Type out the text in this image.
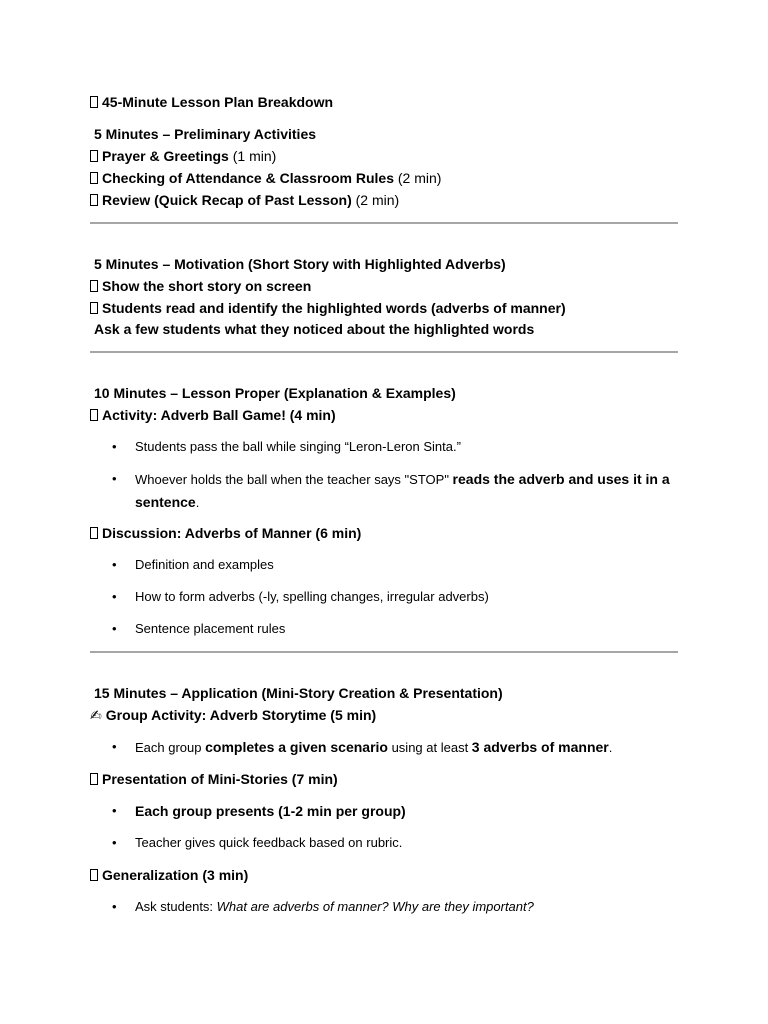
45-Minute Lesson Plan Breakdown
5 Minutes – Preliminary Activities
Prayer & Greetings (1 min)
Checking of Attendance & Classroom Rules (2 min)
Review (Quick Recap of Past Lesson) (2 min)
5 Minutes – Motivation (Short Story with Highlighted Adverbs)
Show the short story on screen
Students read and identify the highlighted words (adverbs of manner)
Ask a few students what they noticed about the highlighted words
10 Minutes – Lesson Proper (Explanation & Examples)
Activity: Adverb Ball Game! (4 min)
• Students pass the ball while singing “Leron-Leron Sinta.”
• Whoever holds the ball when the teacher says "STOP" reads the adverb and uses it in a sentence.
Discussion: Adverbs of Manner (6 min)
• Definition and examples
• How to form adverbs (-ly, spelling changes, irregular adverbs)
• Sentence placement rules
15 Minutes – Application (Mini-Story Creation & Presentation)
✍ Group Activity: Adverb Storytime (5 min)
• Each group completes a given scenario using at least 3 adverbs of manner.
Presentation of Mini-Stories (7 min)
• Each group presents (1-2 min per group)
• Teacher gives quick feedback based on rubric.
Generalization (3 min)
• Ask students: What are adverbs of manner? Why are they important?
